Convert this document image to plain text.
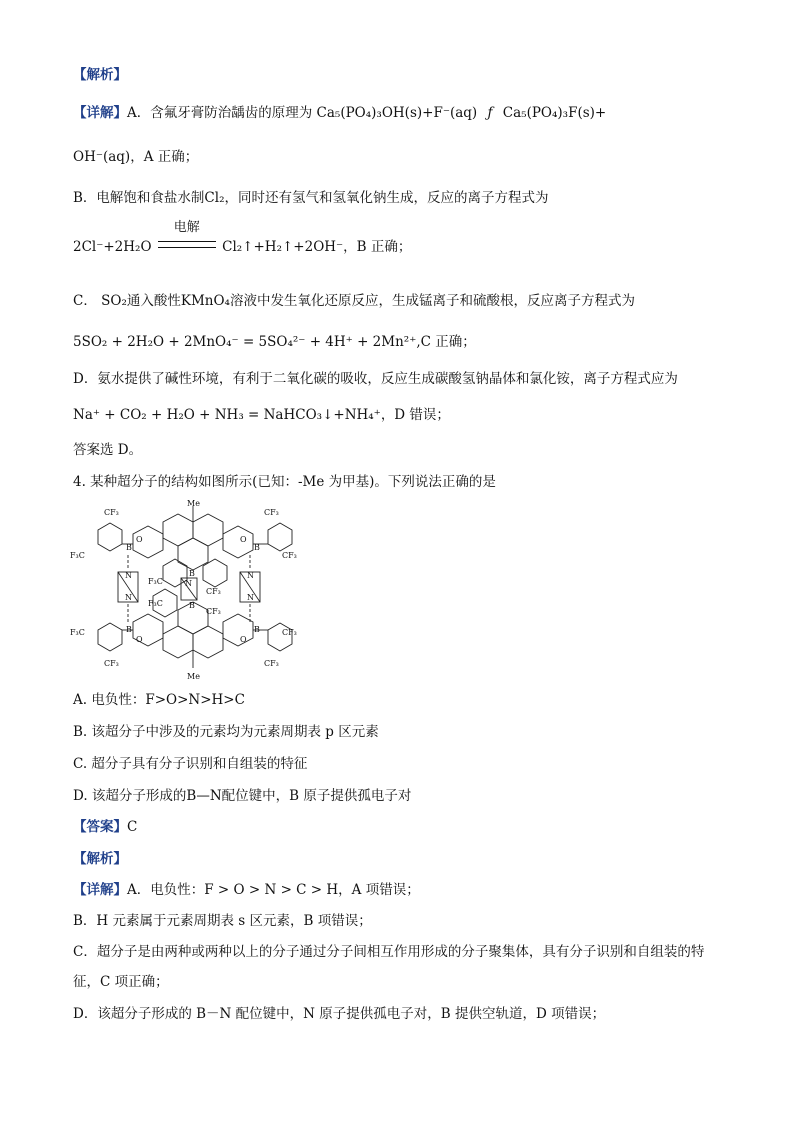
【解析】
【详解】A．含氟牙膏防治龋齿的原理为 Ca₅(PO₄)₃OH(s)+F⁻(aq) ƒ Ca₅(PO₄)₃F(s)+
OH⁻(aq)，A 正确；
B．电解饱和食盐水制Cl₂，同时还有氢气和氢氧化钠生成，反应的离子方程式为
2Cl⁻+2H₂O
电解
Cl₂↑+H₂↑+2OH⁻，B 正确；
C． SO₂通入酸性KMnO₄溶液中发生氧化还原反应，生成锰离子和硫酸根，反应离子方程式为
5SO₂ + 2H₂O + 2MnO₄⁻ = 5SO₄²⁻ + 4H⁺ + 2Mn²⁺,C 正确；
D．氨水提供了碱性环境，有利于二氧化碳的吸收，反应生成碳酸氢钠晶体和氯化铵，离子方程式应为
Na⁺ + CO₂ + H₂O + NH₃ = NaHCO₃↓+NH₄⁺，D 错误；
答案选 D。
4. 某种超分子的结构如图所示(已知：-Me 为甲基)。下列说法正确的是
Me
Me
CF₃
F₃C
CF₃
CF₃
F₃C
CF₃
CF₃
CF₃
F₃C
CF₃
F₃C
CF₃
B	B
B
B
B	B
O	O
O	O
N
N
N
N
N
A. 电负性：F>O>N>H>C
B. 该超分子中涉及的元素均为元素周期表 p 区元素
C. 超分子具有分子识别和自组装的特征
D. 该超分子形成的B—N配位键中，B 原子提供孤电子对
【答案】C
【解析】
【详解】A．电负性：F > O > N > C > H，A 项错误；
B．H 元素属于元素周期表 s 区元素，B 项错误；
C．超分子是由两种或两种以上的分子通过分子间相互作用形成的分子聚集体，具有分子识别和自组装的特
征，C 项正确；
D．该超分子形成的 B－N 配位键中，N 原子提供孤电子对，B 提供空轨道，D 项错误；
